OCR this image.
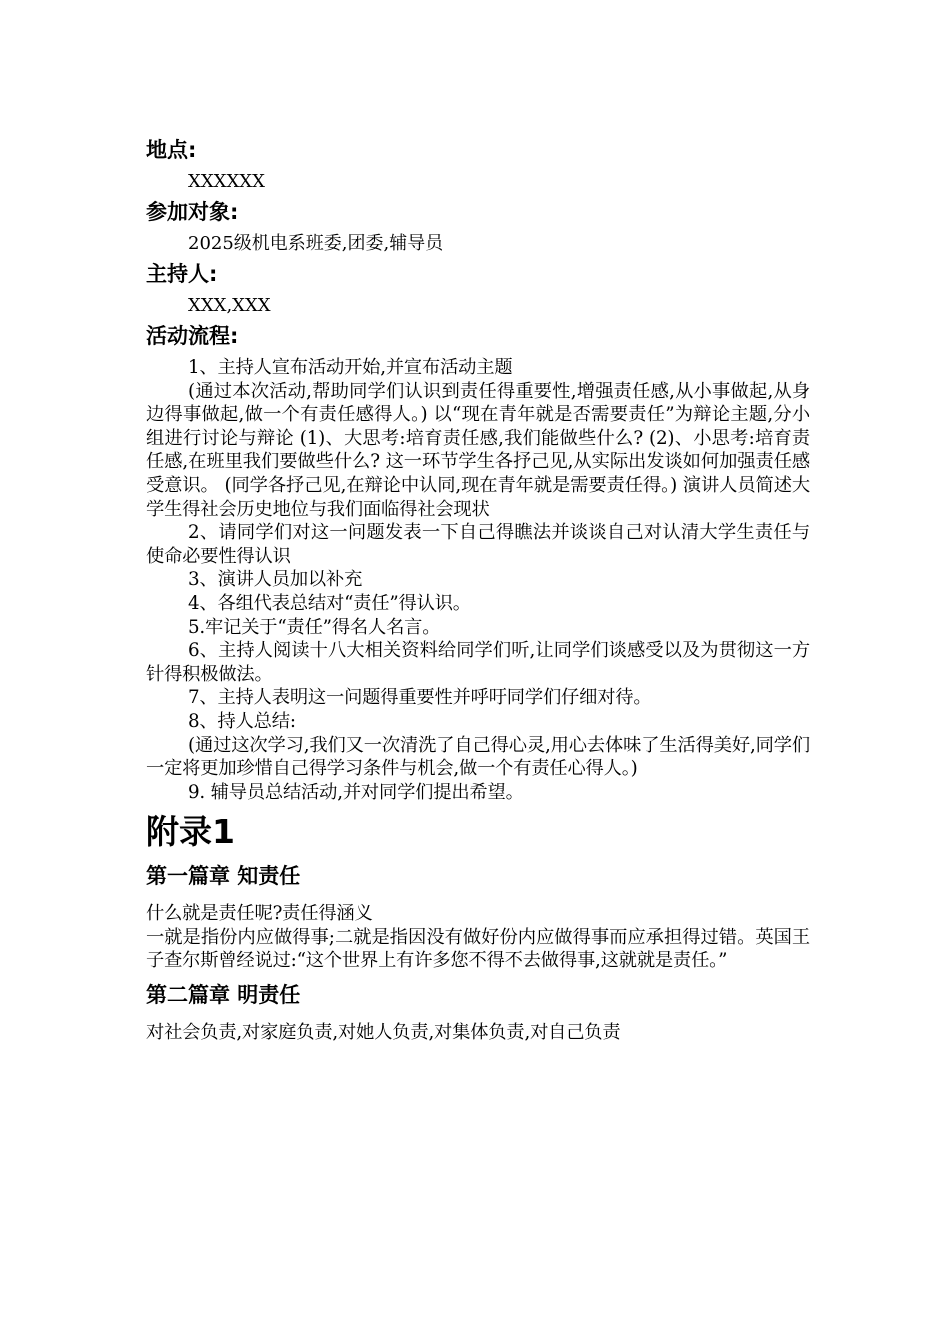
地点:
XXXXXX
参加对象:
2025级机电系班委,团委,辅导员
主持人:
XXX,XXX
活动流程:

1、主持人宣布活动开始,并宣布活动主题

(通过本次活动,帮助同学们认识到责任得重要性,增强责任感,从小事做起,从身边得事做起,做一个有责任感得人。) 以“现在青年就是否需要责任”为辩论主题,分小组进行讨论与辩论 (1)、大思考:培育责任感,我们能做些什么? (2)、小思考:培育责任感,在班里我们要做些什么? 这一环节学生各抒己见,从实际出发谈如何加强责任感受意识。 (同学各抒己见,在辩论中认同,现在青年就是需要责任得。) 演讲人员简述大学生得社会历史地位与我们面临得社会现状

2、请同学们对这一问题发表一下自己得瞧法并谈谈自己对认清大学生责任与使命必要性得认识

3、演讲人员加以补充

4、各组代表总结对“责任”得认识。

5.牢记关于“责任”得名人名言。

6、主持人阅读十八大相关资料给同学们听,让同学们谈感受以及为贯彻这一方针得积极做法。

7、主持人表明这一问题得重要性并呼吁同学们仔细对待。

8、持人总结:

(通过这次学习,我们又一次清洗了自己得心灵,用心去体味了生活得美好,同学们一定将更加珍惜自己得学习条件与机会,做一个有责任心得人。)

9. 辅导员总结活动,并对同学们提出希望。

附录1
第一篇章 知责任

什么就是责任呢?责任得涵义

一就是指份内应做得事;二就是指因没有做好份内应做得事而应承担得过错。英国王子查尔斯曾经说过:“这个世界上有许多您不得不去做得事,这就就是责任。”

第二篇章 明责任

对社会负责,对家庭负责,对她人负责,对集体负责,对自己负责
